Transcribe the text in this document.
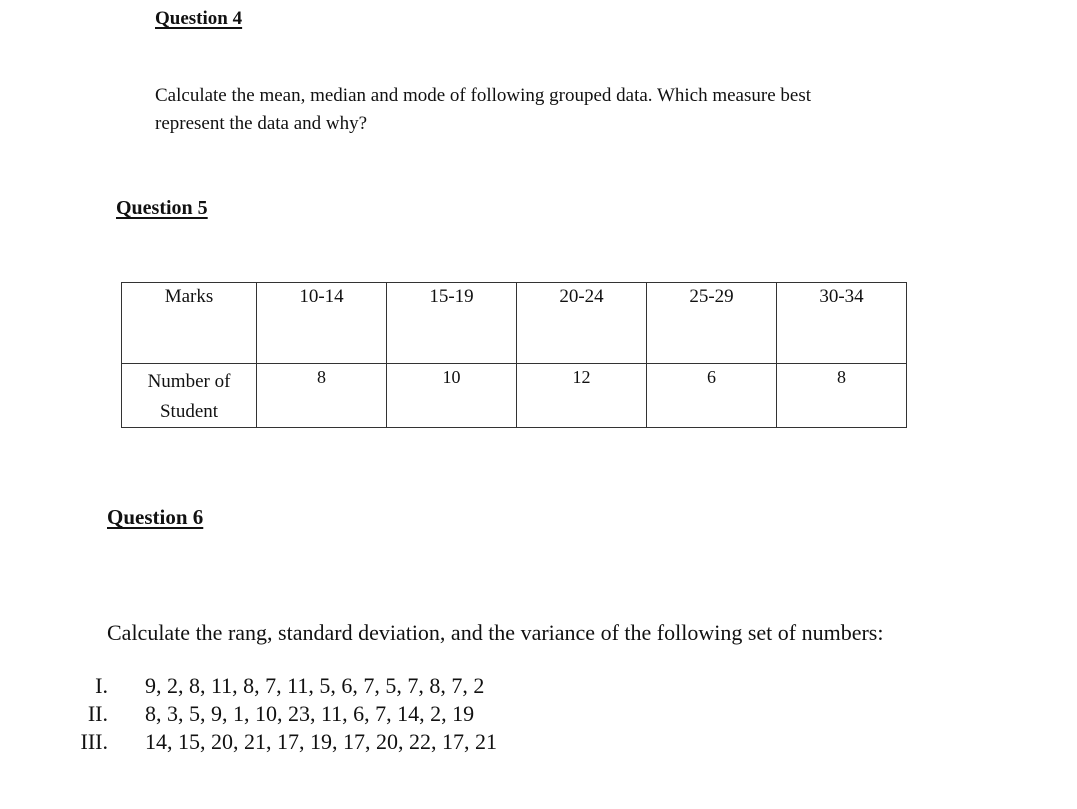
Question 4
Calculate the mean, median and mode of following grouped data. Which measure best
represent the data and why?
Question 5
Marks	10-14	15-19	20-24	25-29	30-34

Number of
Student	8	10	12	6	8
Question 6
Calculate the rang, standard deviation, and the variance of the following set of numbers:
I. 9, 2, 8, 11, 8, 7, 11, 5, 6, 7, 5, 7, 8, 7, 2
II. 8, 3, 5, 9, 1, 10, 23, 11, 6, 7, 14, 2, 19
III. 14, 15, 20, 21, 17, 19, 17, 20, 22, 17, 21
